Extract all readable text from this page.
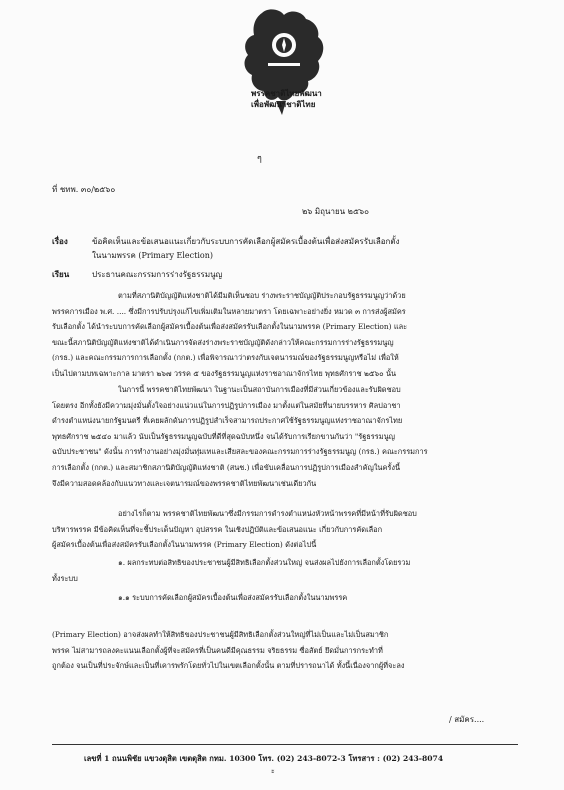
พรรคชาติไทยพัฒนา
เพื่อพัฒนาชาติไทย
ๆ
ที่ ชทพ. ๓๐/๒๕๖๐
๒๖ มิถุนายน ๒๕๖๐
เรื่อง	ข้อคิดเห็นและข้อเสนอแนะเกี่ยวกับระบบการคัดเลือกผู้สมัครเบื้องต้นเพื่อส่งสมัครรับเลือกตั้ง
ในนามพรรค (Primary Election)
เรียน	ประธานคณะกรรมการร่างรัฐธรรมนูญ
ตามที่สภานิติบัญญัติแห่งชาติได้มีมติเห็นชอบ ร่างพระราชบัญญัติประกอบรัฐธรรมนูญว่าด้วย
พรรคการเมือง พ.ศ. .... ซึ่งมีการปรับปรุงแก้ไขเพิ่มเติมในหลายมาตรา โดยเฉพาะอย่างยิ่ง หมวด ๓ การส่งผู้สมัคร
รับเลือกตั้ง ได้นำระบบการคัดเลือกผู้สมัครเบื้องต้นเพื่อส่งสมัครรับเลือกตั้งในนามพรรค (Primary Election) และ
ขณะนี้สภานิติบัญญัติแห่งชาติได้ดำเนินการจัดส่งร่างพระราชบัญญัติดังกล่าวให้คณะกรรมการร่างรัฐธรรมนูญ
(กรธ.) และคณะกรรมการการเลือกตั้ง (กกต.) เพื่อพิจารณาว่าตรงกับเจตนารมณ์ของรัฐธรรมนูญหรือไม่ เพื่อให้
เป็นไปตามบทเฉพาะกาล มาตรา ๒๖๗ วรรค ๕ ของรัฐธรรมนูญแห่งราชอาณาจักรไทย พุทธศักราช ๒๕๖๐ นั้น
ในการนี้ พรรคชาติไทยพัฒนา ในฐานะเป็นสถาบันการเมืองที่มีส่วนเกี่ยวข้องและรับผิดชอบ
โดยตรง อีกทั้งยังมีความมุ่งมั่นตั้งใจอย่างแน่วแน่ในการปฏิรูปการเมือง มาตั้งแต่ในสมัยที่นายบรรหาร ศิลปอาชา
ดำรงตำแหน่งนายกรัฐมนตรี ที่เคยผลักดันการปฏิรูปสำเร็จสามารถประกาศใช้รัฐธรรมนูญแห่งราชอาณาจักรไทย
พุทธศักราช ๒๕๔๐ มาแล้ว นับเป็นรัฐธรรมนูญฉบับที่ดีที่สุดฉบับหนึ่ง จนได้รับการเรียกขานกันว่า "รัฐธรรมนูญ
ฉบับประชาชน" ดังนั้น การทำงานอย่างมุ่งมั่นทุ่มเทและเสียสละของคณะกรรมการร่างรัฐธรรมนูญ (กรธ.) คณะกรรมการ
การเลือกตั้ง (กกต.) และสมาชิกสภานิติบัญญัติแห่งชาติ (สนช.) เพื่อขับเคลื่อนการปฏิรูปการเมืองสำคัญในครั้งนี้
จึงมีความสอดคล้องกับแนวทางและเจตนารมณ์ของพรรคชาติไทยพัฒนาเช่นเดียวกัน
อย่างไรก็ตาม พรรคชาติไทยพัฒนาซึ่งมีกรรมการดำรงตำแหน่งหัวหน้าพรรคที่มีหน้าที่รับผิดชอบ
บริหารพรรค มีข้อคิดเห็นที่จะชี้ประเด็นปัญหา อุปสรรค ในเชิงปฏิบัติและข้อเสนอแนะ เกี่ยวกับการคัดเลือก
ผู้สมัครเบื้องต้นเพื่อส่งสมัครรับเลือกตั้งในนามพรรค (Primary Election) ดังต่อไปนี้
๑. ผลกระทบต่อสิทธิของประชาชนผู้มีสิทธิเลือกตั้งส่วนใหญ่ จนส่งผลไปยังการเลือกตั้งโดยรวม
ทั้งระบบ
๑.๑ ระบบการคัดเลือกผู้สมัครเบื้องต้นเพื่อส่งสมัครรับเลือกตั้งในนามพรรค
(Primary Election) อาจส่งผลทำให้สิทธิของประชาชนผู้มีสิทธิเลือกตั้งส่วนใหญ่ที่ไม่เป็นและไม่เป็นสมาชิก
พรรค ไม่สามารถลงคะแนนเลือกตั้งผู้ที่จะสมัครที่เป็นคนดีมีคุณธรรม จริยธรรม ซื่อสัตย์ ยึดมั่นการกระทำที่
ถูกต้อง จนเป็นที่ประจักษ์และเป็นที่เคารพรักโดยทั่วไปในเขตเลือกตั้งนั้น ตามที่ปรารถนาได้ ทั้งนี้เนื่องจากผู้ที่จะลง
/ สมัคร....
เลขที่ 1 ถนนพิชัย แขวงดุสิต เขตดุสิต กทม. 10300 โทร. (02) 243-8072-3 โทรสาร : (02) 243-8074
ะ
